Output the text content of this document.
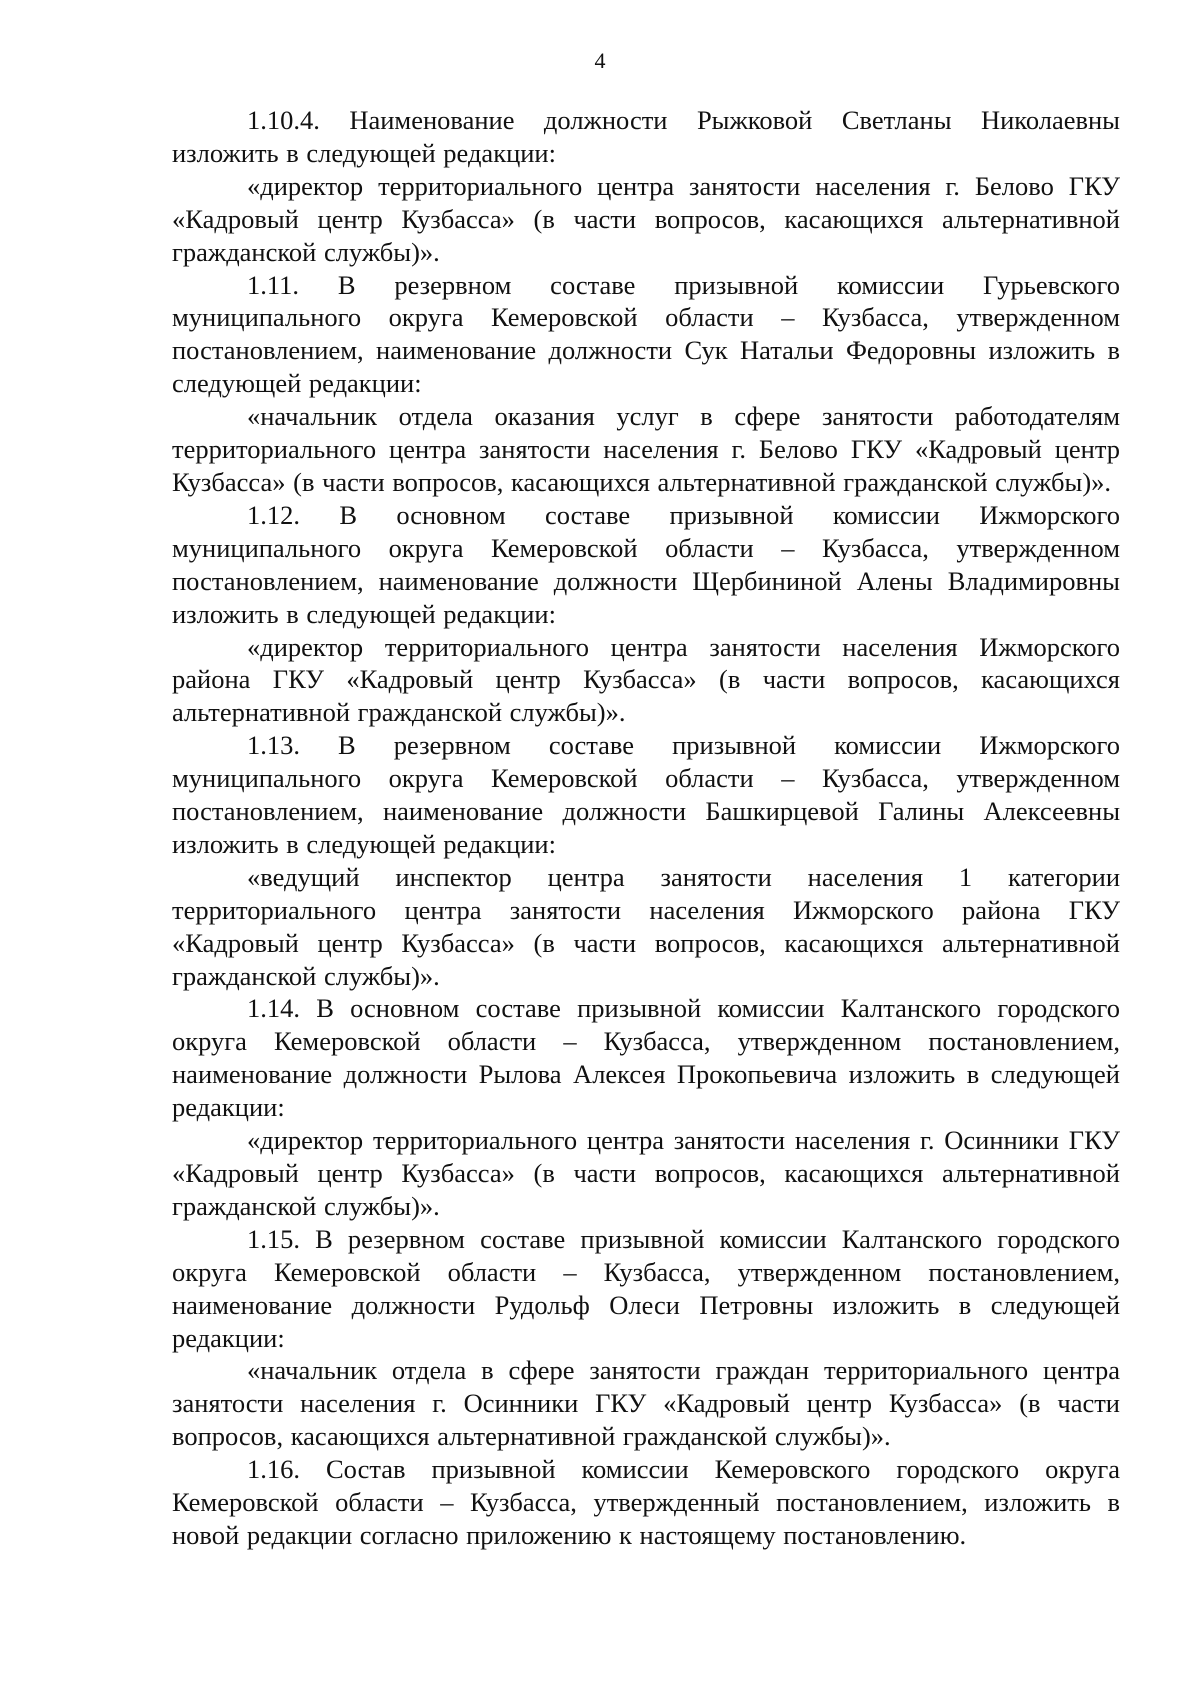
4

1.10.4. Наименование должности Рыжковой Светланы Николаевны изложить в следующей редакции:

«директор территориального центра занятости населения г. Белово ГКУ «Кадровый центр Кузбасса» (в части вопросов, касающихся альтернативной гражданской службы)».

1.11. В резервном составе призывной комиссии Гурьевского муниципального округа Кемеровской области – Кузбасса, утвержденном постановлением, наименование должности Сук Натальи Федоровны изложить в следующей редакции:

«начальник отдела оказания услуг в сфере занятости работодателям территориального центра занятости населения г. Белово ГКУ «Кадровый центр Кузбасса» (в части вопросов, касающихся альтернативной гражданской службы)».

1.12. В основном составе призывной комиссии Ижморского муниципального округа Кемеровской области – Кузбасса, утвержденном постановлением, наименование должности Щербининой Алены Владимировны изложить в следующей редакции:

«директор территориального центра занятости населения Ижморского района ГКУ «Кадровый центр Кузбасса» (в части вопросов, касающихся альтернативной гражданской службы)».

1.13. В резервном составе призывной комиссии Ижморского муниципального округа Кемеровской области – Кузбасса, утвержденном постановлением, наименование должности Башкирцевой Галины Алексеевны изложить в следующей редакции:

«ведущий инспектор центра занятости населения 1 категории территориального центра занятости населения Ижморского района ГКУ «Кадровый центр Кузбасса» (в части вопросов, касающихся альтернативной гражданской службы)».

1.14. В основном составе призывной комиссии Калтанского городского округа Кемеровской области – Кузбасса, утвержденном постановлением, наименование должности Рылова Алексея Прокопьевича изложить в следующей редакции:

«директор территориального центра занятости населения г. Осинники ГКУ «Кадровый центр Кузбасса» (в части вопросов, касающихся альтернативной гражданской службы)».

1.15. В резервном составе призывной комиссии Калтанского городского округа Кемеровской области – Кузбасса, утвержденном постановлением, наименование должности Рудольф Олеси Петровны изложить в следующей редакции:

«начальник отдела в сфере занятости граждан территориального центра занятости населения г. Осинники ГКУ «Кадровый центр Кузбасса» (в части вопросов, касающихся альтернативной гражданской службы)».

1.16. Состав призывной комиссии Кемеровского городского округа Кемеровской области – Кузбасса, утвержденный постановлением, изложить в новой редакции согласно приложению к настоящему постановлению.
